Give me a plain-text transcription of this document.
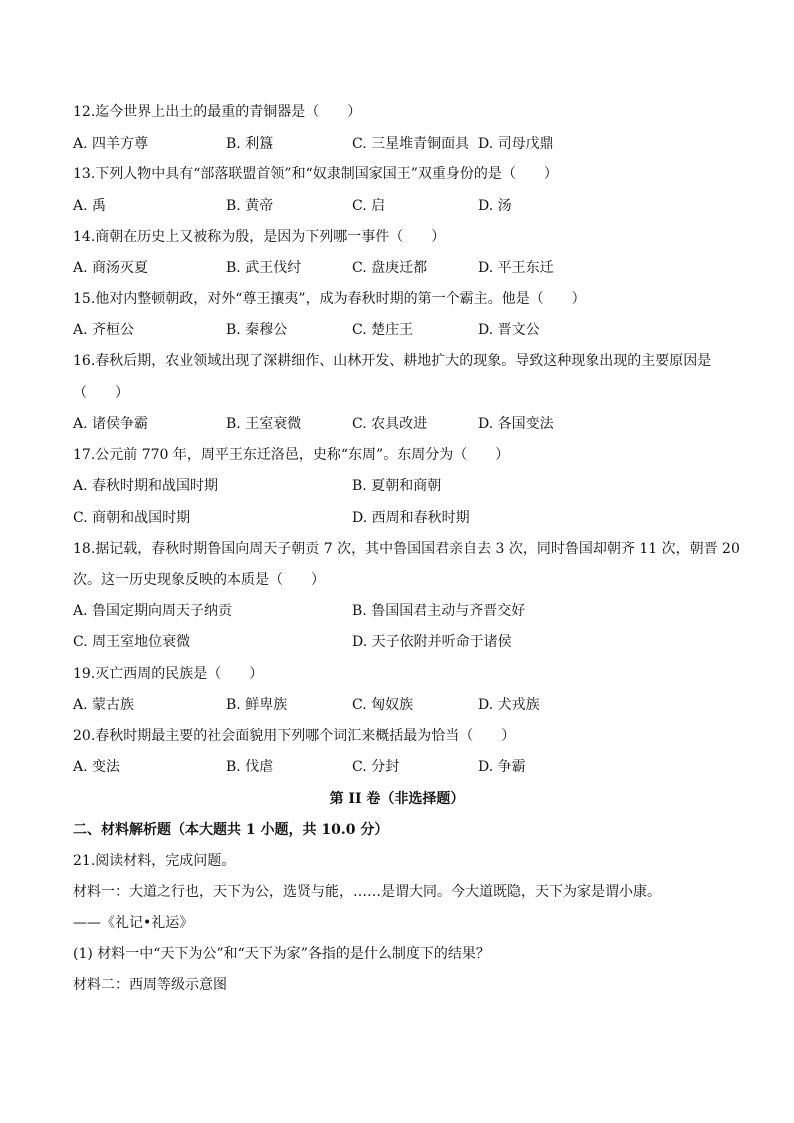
12.迄今世界上出土的最重的青铜器是（　　）
A. 四羊方尊	B. 利簋	C. 三星堆青铜面具 D. 司母戊鼎
13.下列人物中具有“部落联盟首领”和“奴隶制国家国王”双重身份的是（　　）
A. 禹	B. 黄帝	C. 启	D. 汤
14.商朝在历史上又被称为殷，是因为下列哪一事件（　　）
A. 商汤灭夏	B. 武王伐纣	C. 盘庚迁都	D. 平王东迁
15.他对内整顿朝政，对外“尊王攘夷”，成为春秋时期的第一个霸主。他是（　　）
A. 齐桓公	B. 秦穆公	C. 楚庄王	D. 晋文公
16.春秋后期，农业领域出现了深耕细作、山林开发、耕地扩大的现象。导致这种现象出现的主要原因是
（　　）
A. 诸侯争霸	B. 王室衰微	C. 农具改进	D. 各国变法
17.公元前 770 年，周平王东迁洛邑，史称“东周”。东周分为（　　）
A. 春秋时期和战国时期	B. 夏朝和商朝
C. 商朝和战国时期	D. 西周和春秋时期
18.据记载，春秋时期鲁国向周天子朝贡 7 次，其中鲁国国君亲自去 3 次，同时鲁国却朝齐 11 次，朝晋 20
次。这一历史现象反映的本质是（　　）
A. 鲁国定期向周天子纳贡	B. 鲁国国君主动与齐晋交好
C. 周王室地位衰微	D. 天子依附并听命于诸侯
19.灭亡西周的民族是（　　）
A. 蒙古族	B. 鲜卑族	C. 匈奴族	D. 犬戎族
20.春秋时期最主要的社会面貌用下列哪个词汇来概括最为恰当（　　）
A. 变法	B. 伐虐	C. 分封	D. 争霸
第 II 卷（非选择题）
二、材料解析题（本大题共 1 小题，共 10.0 分）
21.阅读材料，完成问题。
材料一：大道之行也，天下为公，选贤与能，……是谓大同。今大道既隐，天下为家是谓小康。
——《礼记•礼运》
(1) 材料一中“天下为公”和“天下为家”各指的是什么制度下的结果？
材料二：西周等级示意图
